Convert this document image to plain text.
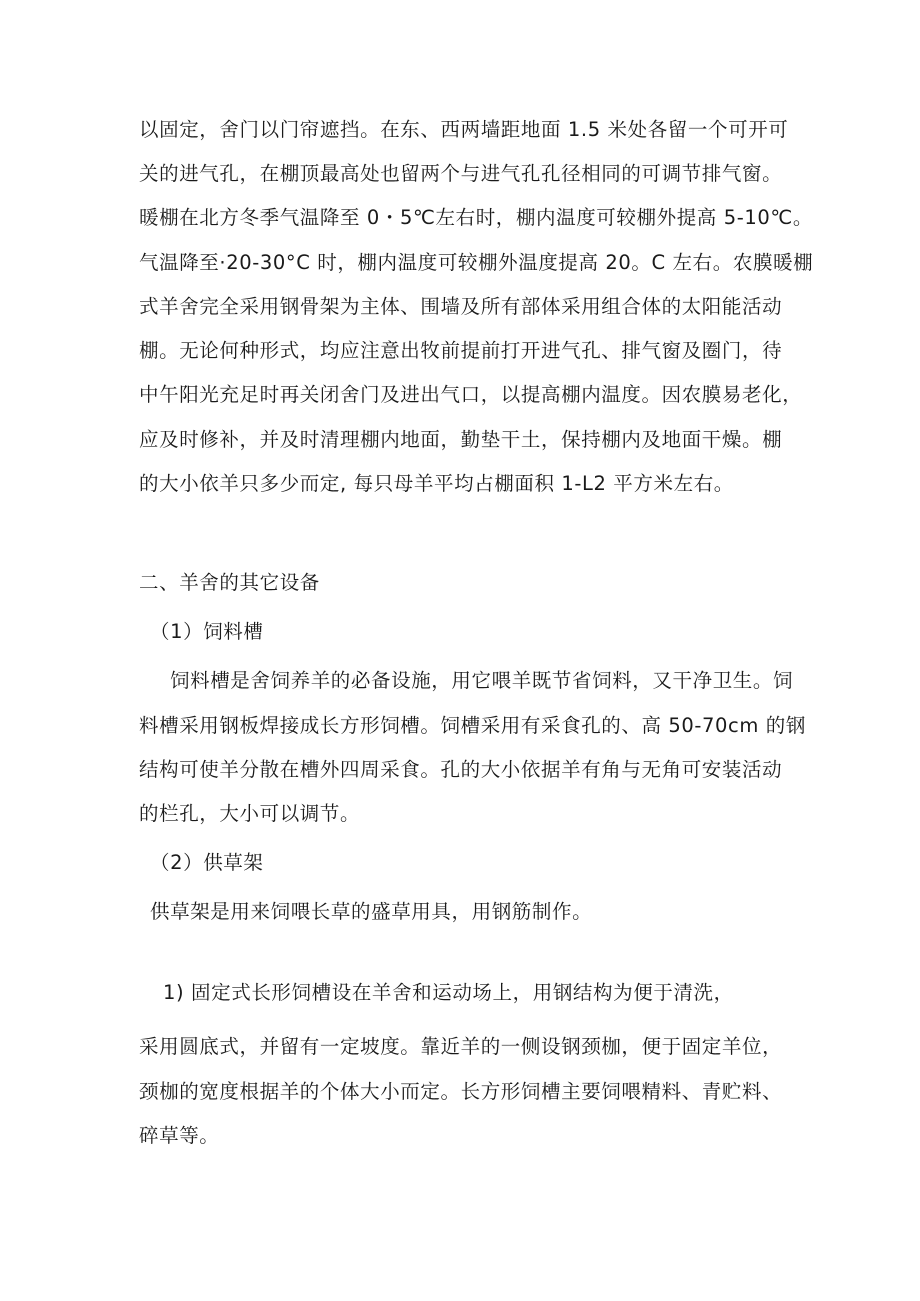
以固定，舍门以门帘遮挡。在东、西两墙距地面 1.5 米处各留一个可开可
关的进气孔，在棚顶最高处也留两个与进气孔孔径相同的可调节排气窗。
暖棚在北方冬季气温降至 0・5℃左右时，棚内温度可较棚外提高 5-10℃。
气温降至·20-30°C 时，棚内温度可较棚外温度提高 20。C 左右。农膜暖棚
式羊舍完全采用钢骨架为主体、围墙及所有部体采用组合体的太阳能活动
棚。无论何种形式，均应注意出牧前提前打开进气孔、排气窗及圈门，待
中午阳光充足时再关闭舍门及进出气口，以提高棚内温度。因农膜易老化，
应及时修补，并及时清理棚内地面，勤垫干土，保持棚内及地面干燥。棚
的大小依羊只多少而定, 每只母羊平均占棚面积 1-L2 平方米左右。
二、羊舍的其它设备
（1）饲料槽
饲料槽是舍饲养羊的必备设施，用它喂羊既节省饲料，又干净卫生。饲
料槽采用钢板焊接成长方形饲槽。饲槽采用有采食孔的、高 50-70cm 的钢
结构可使羊分散在槽外四周采食。孔的大小依据羊有角与无角可安装活动
的栏孔，大小可以调节。
（2）供草架
供草架是用来饲喂长草的盛草用具，用钢筋制作。
1) 固定式长形饲槽设在羊舍和运动场上，用钢结构为便于清洗，
采用圆底式，并留有一定坡度。靠近羊的一侧设钢颈枷，便于固定羊位，
颈枷的宽度根据羊的个体大小而定。长方形饲槽主要饲喂精料、青贮料、
碎草等。
